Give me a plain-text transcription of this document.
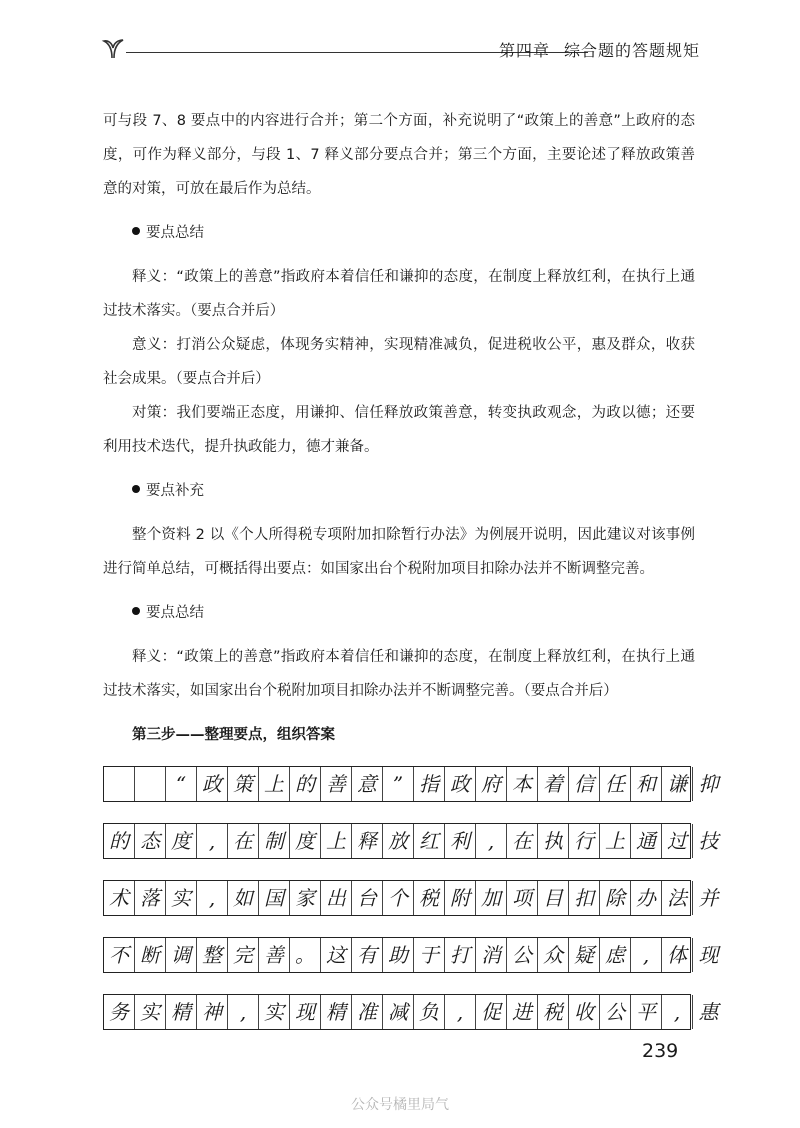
第四章 综合题的答题规矩

可与段 7、8 要点中的内容进行合并；第二个方面，补充说明了“政策上的善意”上政府的态度，可作为释义部分，与段 1、7 释义部分要点合并；第三个方面，主要论述了释放政策善意的对策，可放在最后作为总结。

要点总结

释义：“政策上的善意”指政府本着信任和谦抑的态度，在制度上释放红利，在执行上通过技术落实。（要点合并后）

意义：打消公众疑虑，体现务实精神，实现精准减负，促进税收公平，惠及群众，收获社会成果。（要点合并后）

对策：我们要端正态度，用谦抑、信任释放政策善意，转变执政观念，为政以德；还要利用技术迭代，提升执政能力，德才兼备。

要点补充

整个资料 2 以《个人所得税专项附加扣除暂行办法》为例展开说明，因此建议对该事例进行简单总结，可概括得出要点：如国家出台个税附加项目扣除办法并不断调整完善。

要点总结

释义：“政策上的善意”指政府本着信任和谦抑的态度，在制度上释放红利，在执行上通过技术落实，如国家出台个税附加项目扣除办法并不断调整完善。（要点合并后）

第三步——整理要点，组织答案

“ 政 策 上 的 善 意 ” 指 政 府 本 着 信 任 和 谦 抑
的 态 度 , 在 制 度 上 释 放 红 利 , 在 执 行 上 通 过 技
术 落 实 , 如 国 家 出 台 个 税 附 加 项 目 扣 除 办 法 并
不 断 调 整 完 善 。 这 有 助 于 打 消 公 众 疑 虑 , 体 现
务 实 精 神 , 实 现 精 准 减 负 , 促 进 税 收 公 平 , 惠
239
公众号橘里局气
